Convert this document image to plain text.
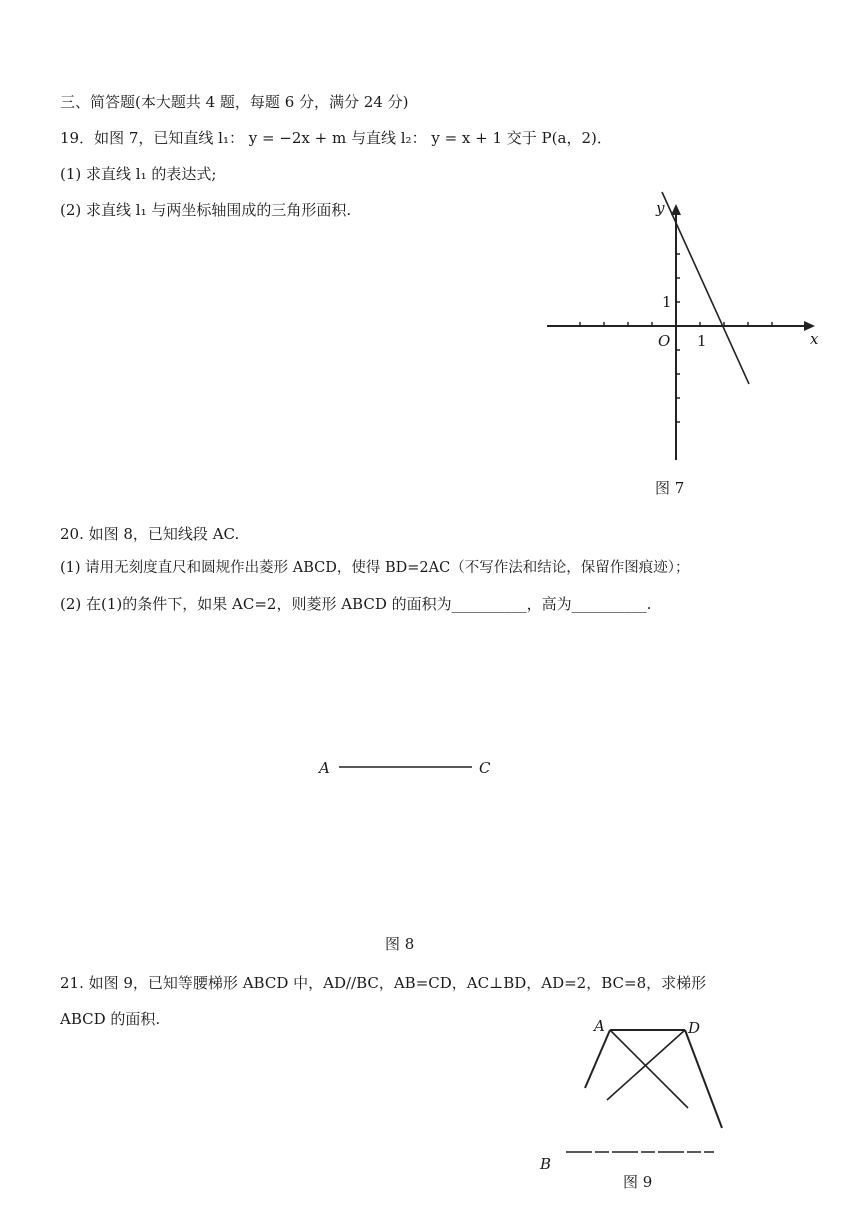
三、简答题(本大题共 4 题，每题 6 分，满分 24 分)
19．如图 7，已知直线 l₁： y = −2x + m 与直线 l₂： y = x + 1 交于 P(a，2)．
(1) 求直线 l₁ 的表达式;
(2) 求直线 l₁ 与两坐标轴围成的三角形面积.
x
y
O 1
1
图 7
20. 如图 8，已知线段 AC.
(1) 请用无刻度直尺和圆规作出菱形 ABCD，使得 BD=2AC（不写作法和结论，保留作图痕迹）；
(2) 在(1)的条件下，如果 AC=2，则菱形 ABCD 的面积为__________，高为__________.
A	C
图 8
21. 如图 9，已知等腰梯形 ABCD 中，AD//BC，AB=CD，AC⊥BD，AD=2，BC=8，求梯形
ABCD 的面积.	A	D
B
图 9
